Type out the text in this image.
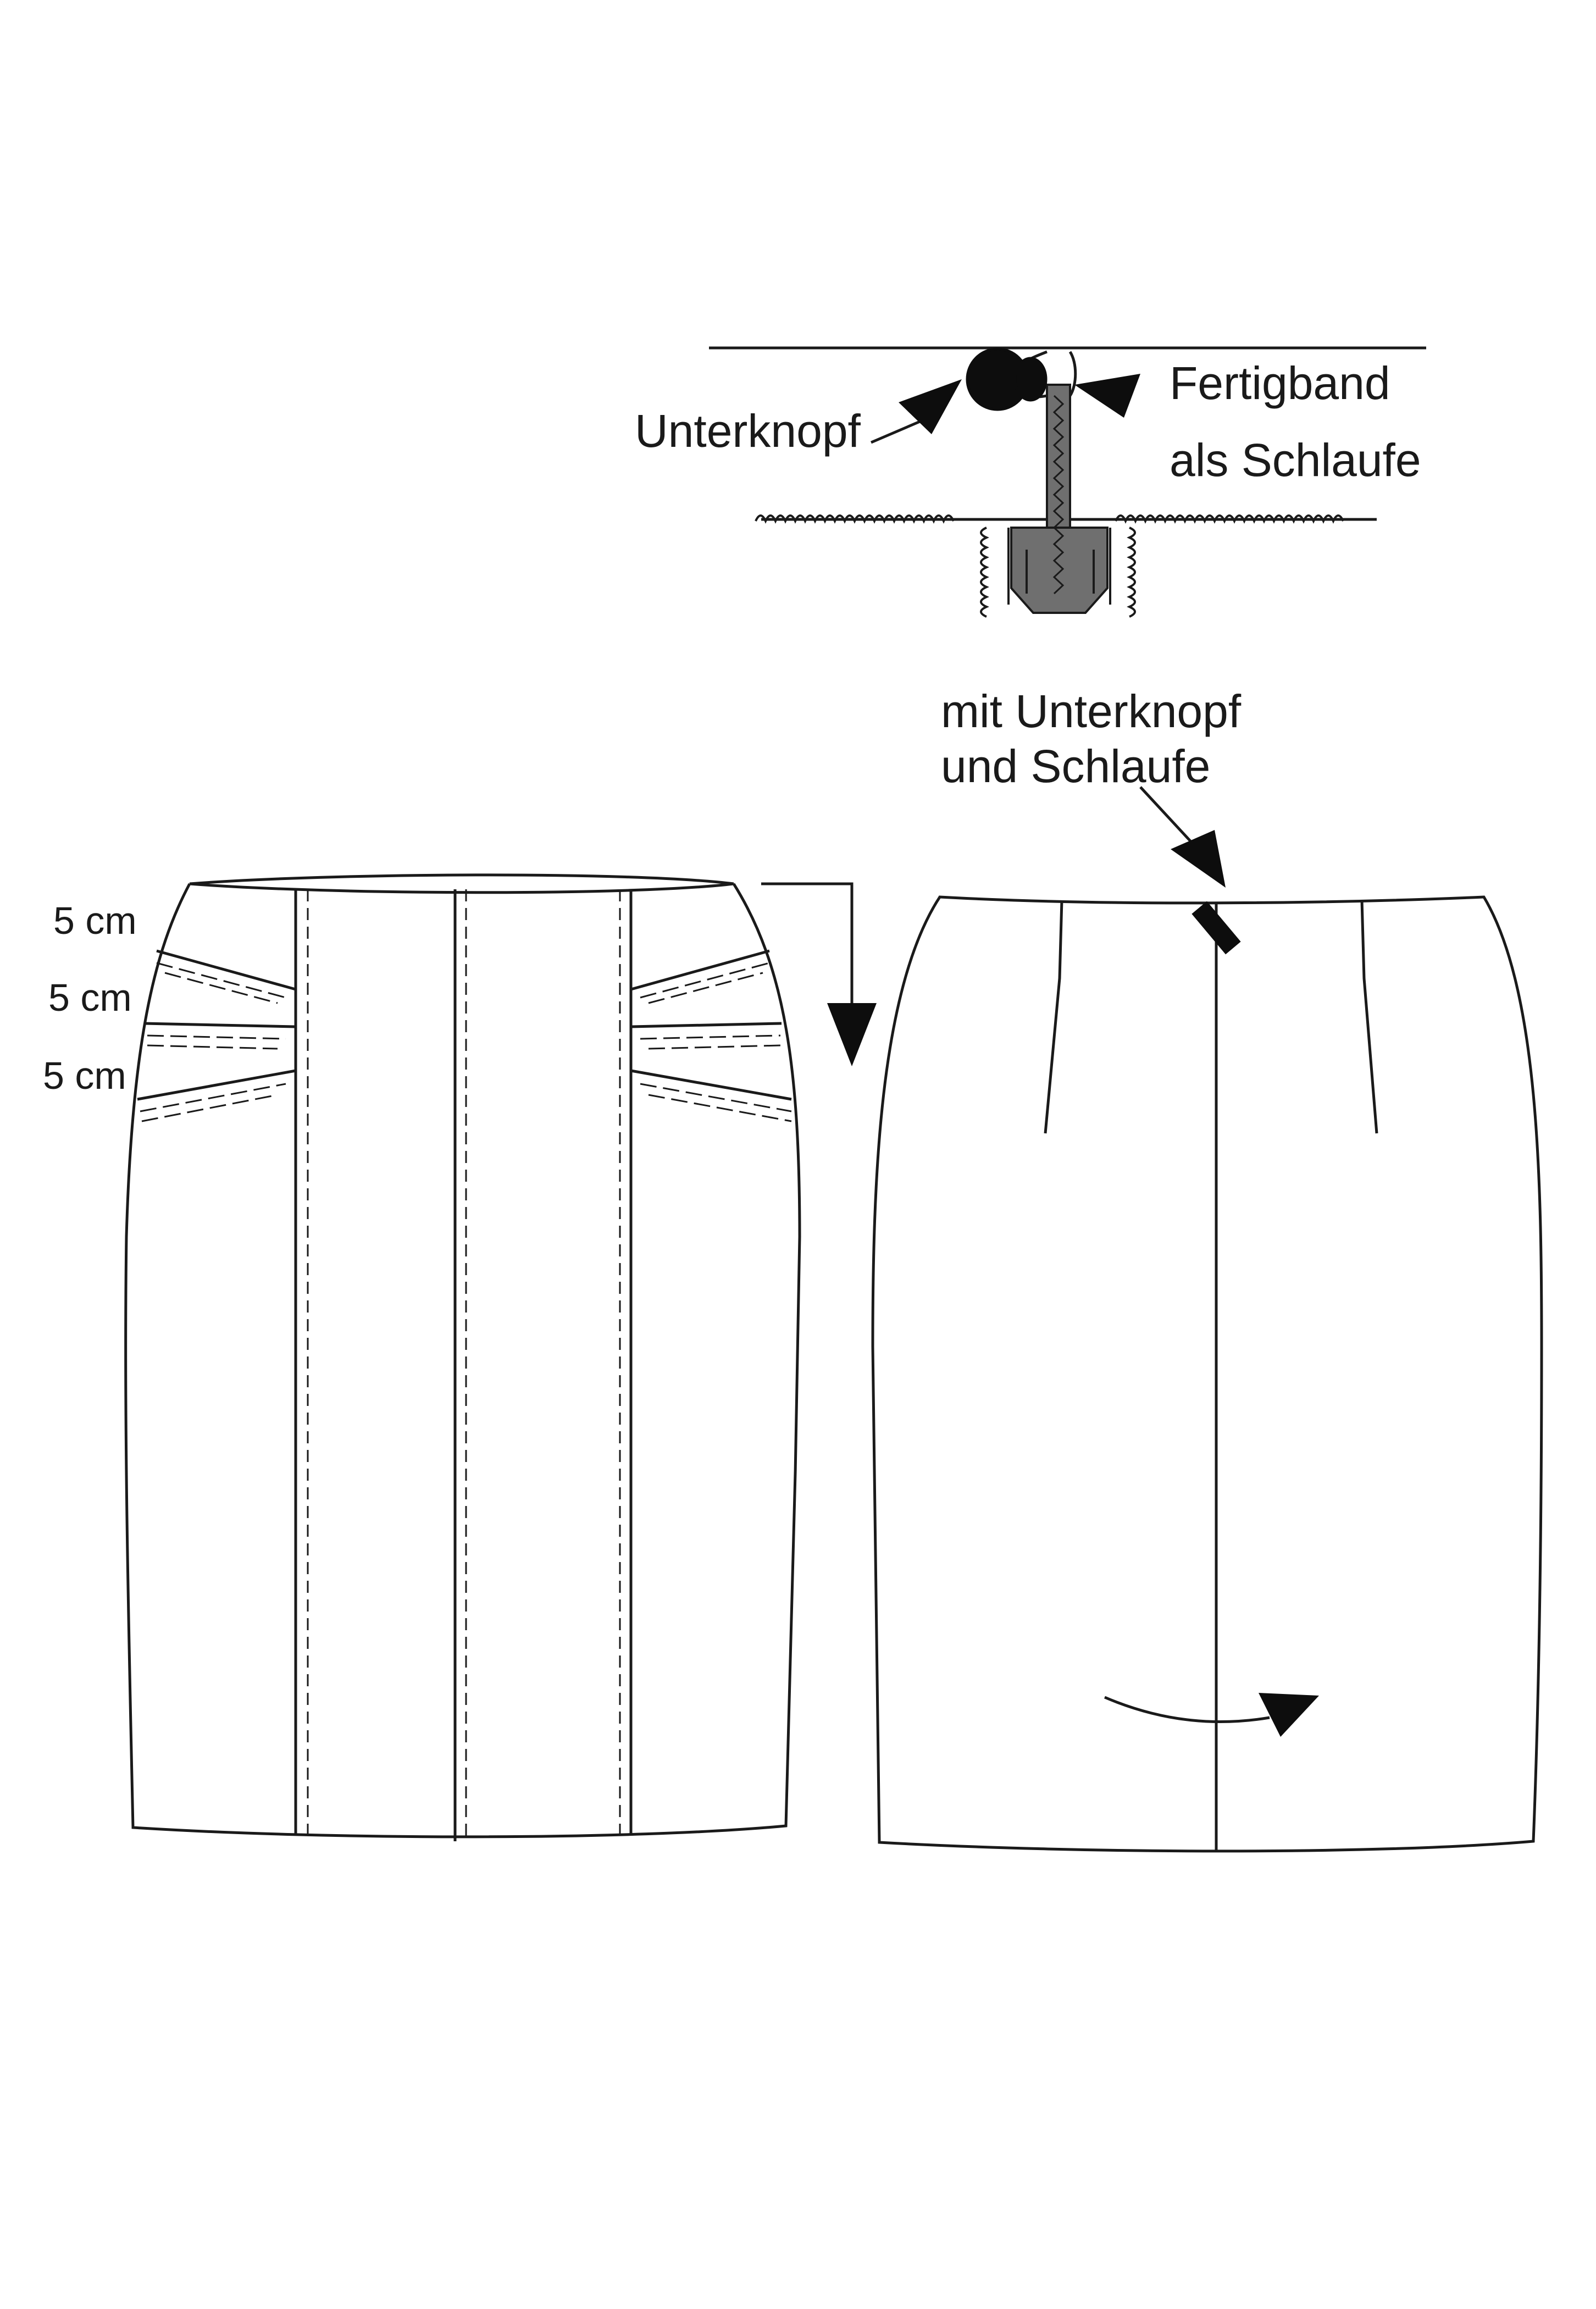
Unterknopf
Fertigband
als Schlaufe
mit Unterknopf
und Schlaufe
5 cm
5 cm
5 cm
